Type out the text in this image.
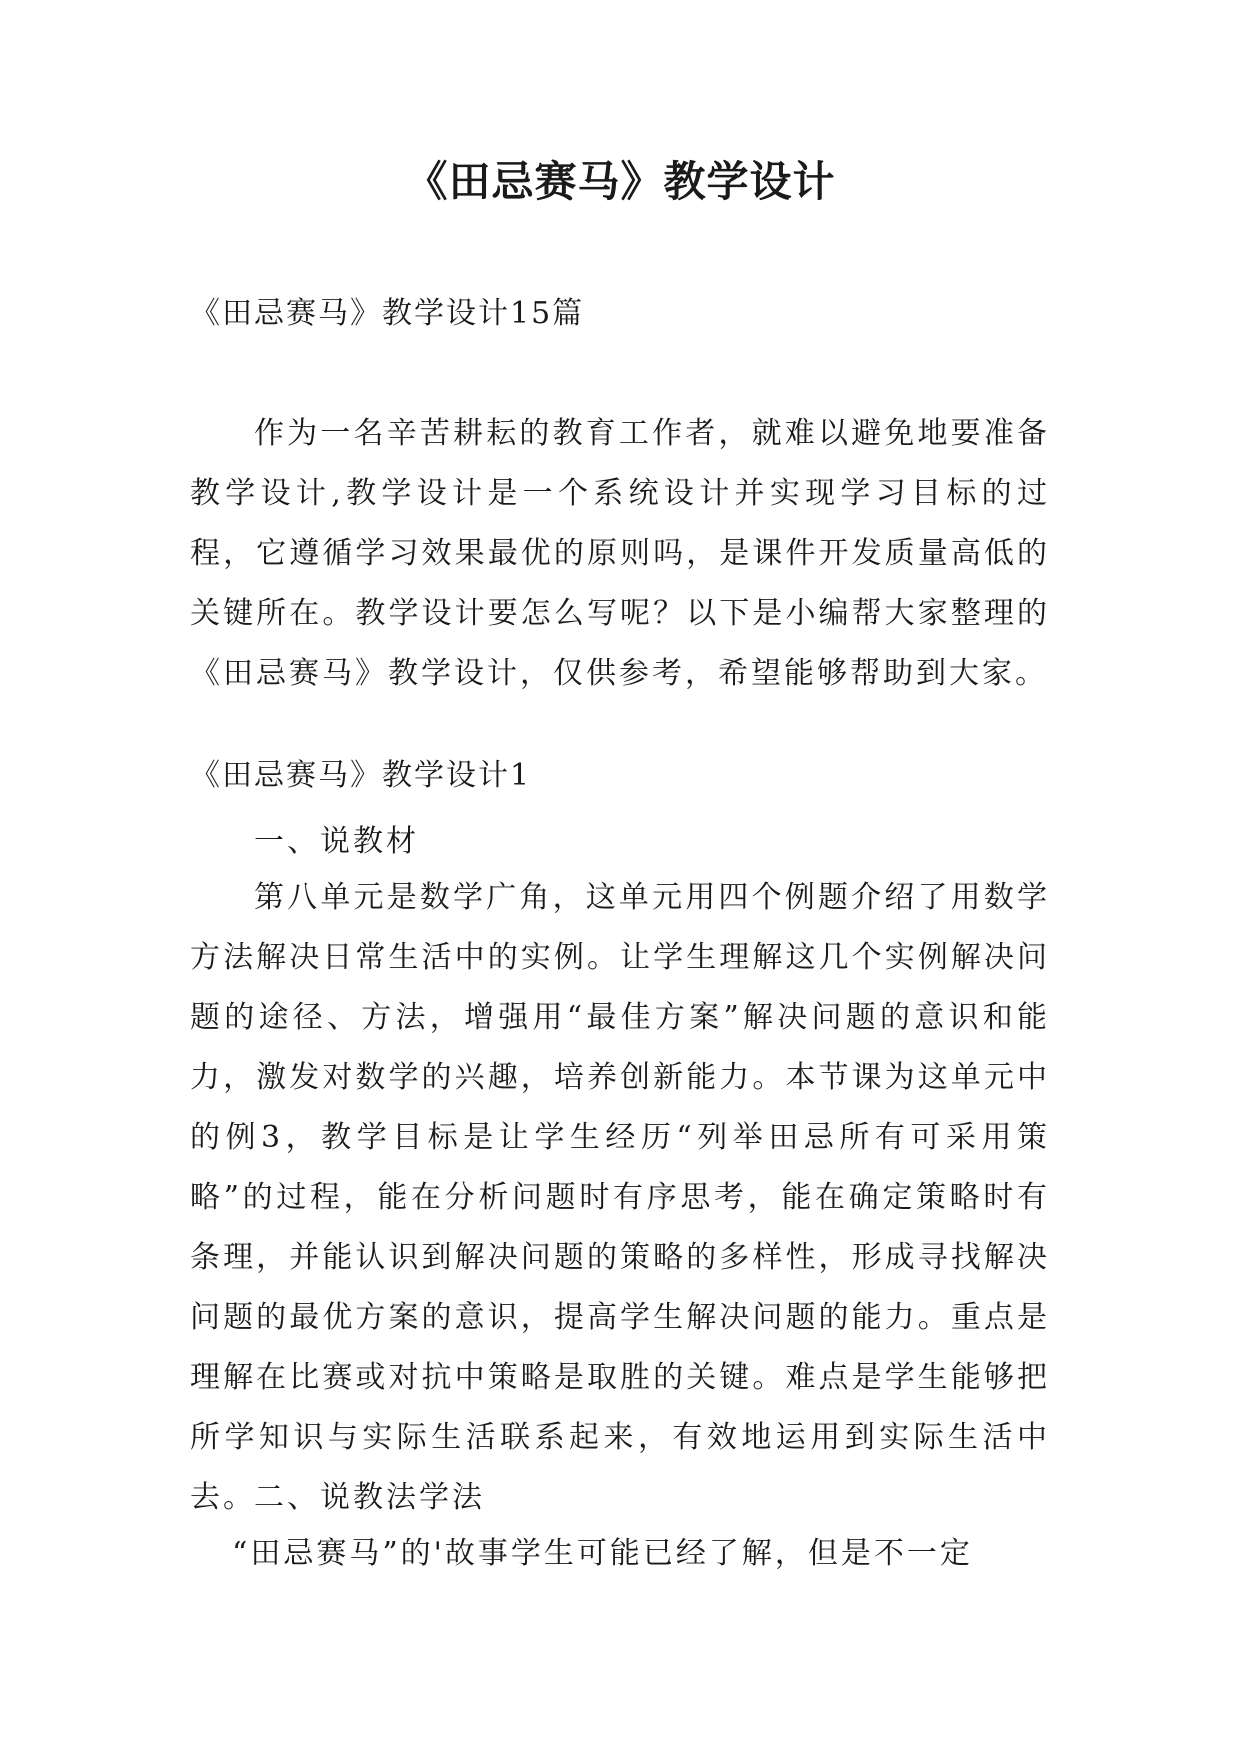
《田忌赛马》教学设计
《田忌赛马》教学设计15篇

作为一名辛苦耕耘的教育工作者，就难以避免地要准备教学设计,教学设计是一个系统设计并实现学习目标的过程，它遵循学习效果最优的原则吗，是课件开发质量高低的关键所在。教学设计要怎么写呢？以下是小编帮大家整理的《田忌赛马》教学设计，仅供参考，希望能够帮助到大家。

《田忌赛马》教学设计1
一、说教材

第八单元是数学广角，这单元用四个例题介绍了用数学方法解决日常生活中的实例。让学生理解这几个实例解决问题的途径、方法，增强用“最佳方案”解决问题的意识和能力，激发对数学的兴趣，培养创新能力。本节课为这单元中的例3，教学目标是让学生经历“列举田忌所有可采用策略”的过程，能在分析问题时有序思考，能在确定策略时有条理，并能认识到解决问题的策略的多样性，形成寻找解决问题的最优方案的意识，提高学生解决问题的能力。重点是理解在比赛或对抗中策略是取胜的关键。难点是学生能够把所学知识与实际生活联系起来，有效地运用到实际生活中去。

二、说教法学法

“田忌赛马”的'故事学生可能已经了解，但是不一定
